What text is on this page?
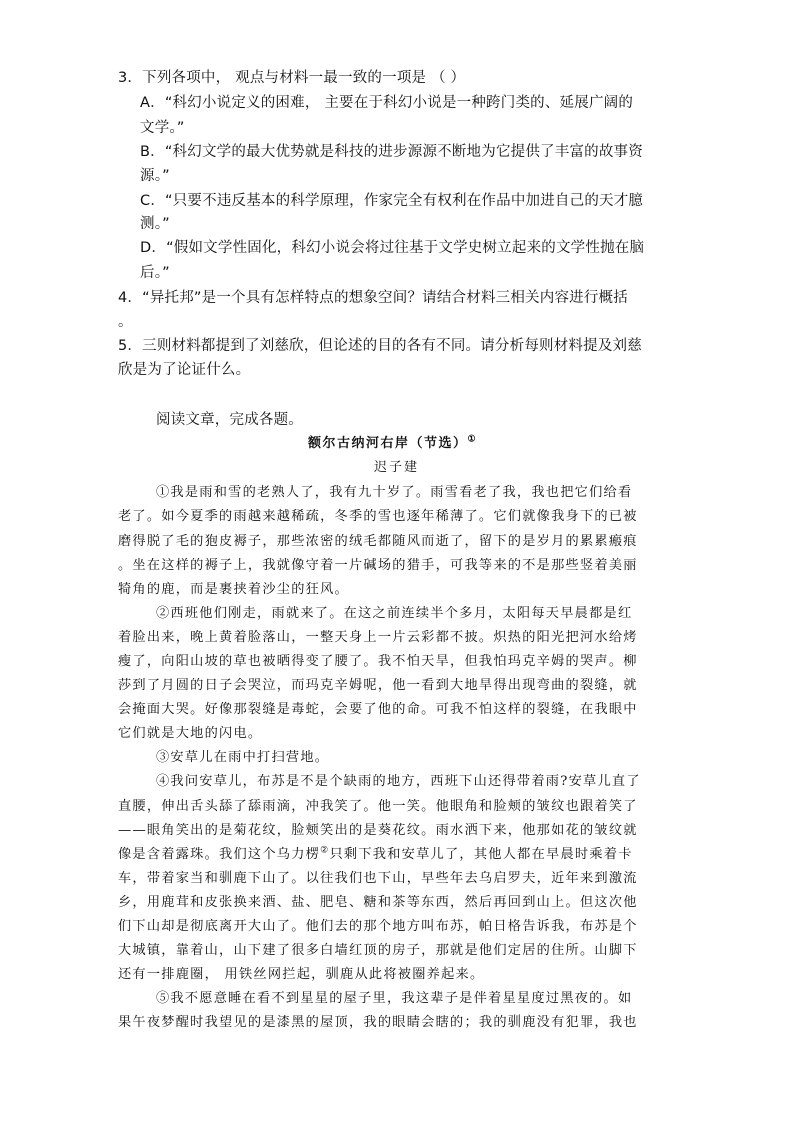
3．下列各项中， 观点与材料一最一致的一项是 （ ）
A．“科幻小说定义的困难， 主要在于科幻小说是一种跨门类的、延展广阔的
文学。”
B．“科幻文学的最大优势就是科技的进步源源不断地为它提供了丰富的故事资
源。”
C．“只要不违反基本的科学原理，作家完全有权利在作品中加进自己的天才臆
测。”
D．“假如文学性固化，科幻小说会将过往基于文学史树立起来的文学性抛在脑
后。”
4．“异托邦”是一个具有怎样特点的想象空间？请结合材料三相关内容进行概括
。
5．三则材料都提到了刘慈欣，但论述的目的各有不同。请分析每则材料提及刘慈
欣是为了论证什么。
阅读文章，完成各题。
额尔古纳河右岸（节选）①
迟子建
①我是雨和雪的老熟人了，我有九十岁了。雨雪看老了我，我也把它们给看
老了。如今夏季的雨越来越稀疏，冬季的雪也逐年稀薄了。它们就像我身下的已被
磨得脱了毛的狍皮褥子，那些浓密的绒毛都随风而逝了，留下的是岁月的累累瘢痕
。坐在这样的褥子上，我就像守着一片碱场的猎手，可我等来的不是那些竖着美丽
犄角的鹿，而是裹挟着沙尘的狂风。
②西班他们刚走，雨就来了。在这之前连续半个多月，太阳每天早晨都是红
着脸出来，晚上黄着脸落山，一整天身上一片云彩都不披。炽热的阳光把河水给烤
瘦了，向阳山坡的草也被晒得变了腰了。我不怕天旱，但我怕玛克辛姆的哭声。柳
莎到了月圆的日子会哭泣，而玛克辛姆呢，他一看到大地旱得出现弯曲的裂缝，就
会掩面大哭。好像那裂缝是毒蛇，会要了他的命。可我不怕这样的裂缝，在我眼中
它们就是大地的闪电。
③安草儿在雨中打扫营地。
④我问安草儿，布苏是不是个缺雨的地方，西班下山还得带着雨?安草儿直了
直腰，伸出舌头舔了舔雨滴，冲我笑了。他一笑。他眼角和脸颊的皱纹也跟着笑了
——眼角笑出的是菊花纹，脸颊笑出的是葵花纹。雨水洒下来，他那如花的皱纹就
像是含着露珠。我们这个乌力楞②只剩下我和安草儿了，其他人都在早晨时乘着卡
车，带着家当和驯鹿下山了。以往我们也下山，早些年去乌启罗夫，近年来到激流
乡，用鹿茸和皮张换来酒、盐、肥皂、糖和茶等东西，然后再回到山上。但这次他
们下山却是彻底离开大山了。他们去的那个地方叫布苏，帕日格告诉我，布苏是个
大城镇，靠着山，山下建了很多白墙红顶的房子，那就是他们定居的住所。山脚下
还有一排鹿圈， 用铁丝网拦起，驯鹿从此将被圈养起来。
⑤我不愿意睡在看不到星星的屋子里，我这辈子是伴着星星度过黑夜的。如
果午夜梦醒时我望见的是漆黑的屋顶，我的眼睛会瞎的；我的驯鹿没有犯罪，我也
